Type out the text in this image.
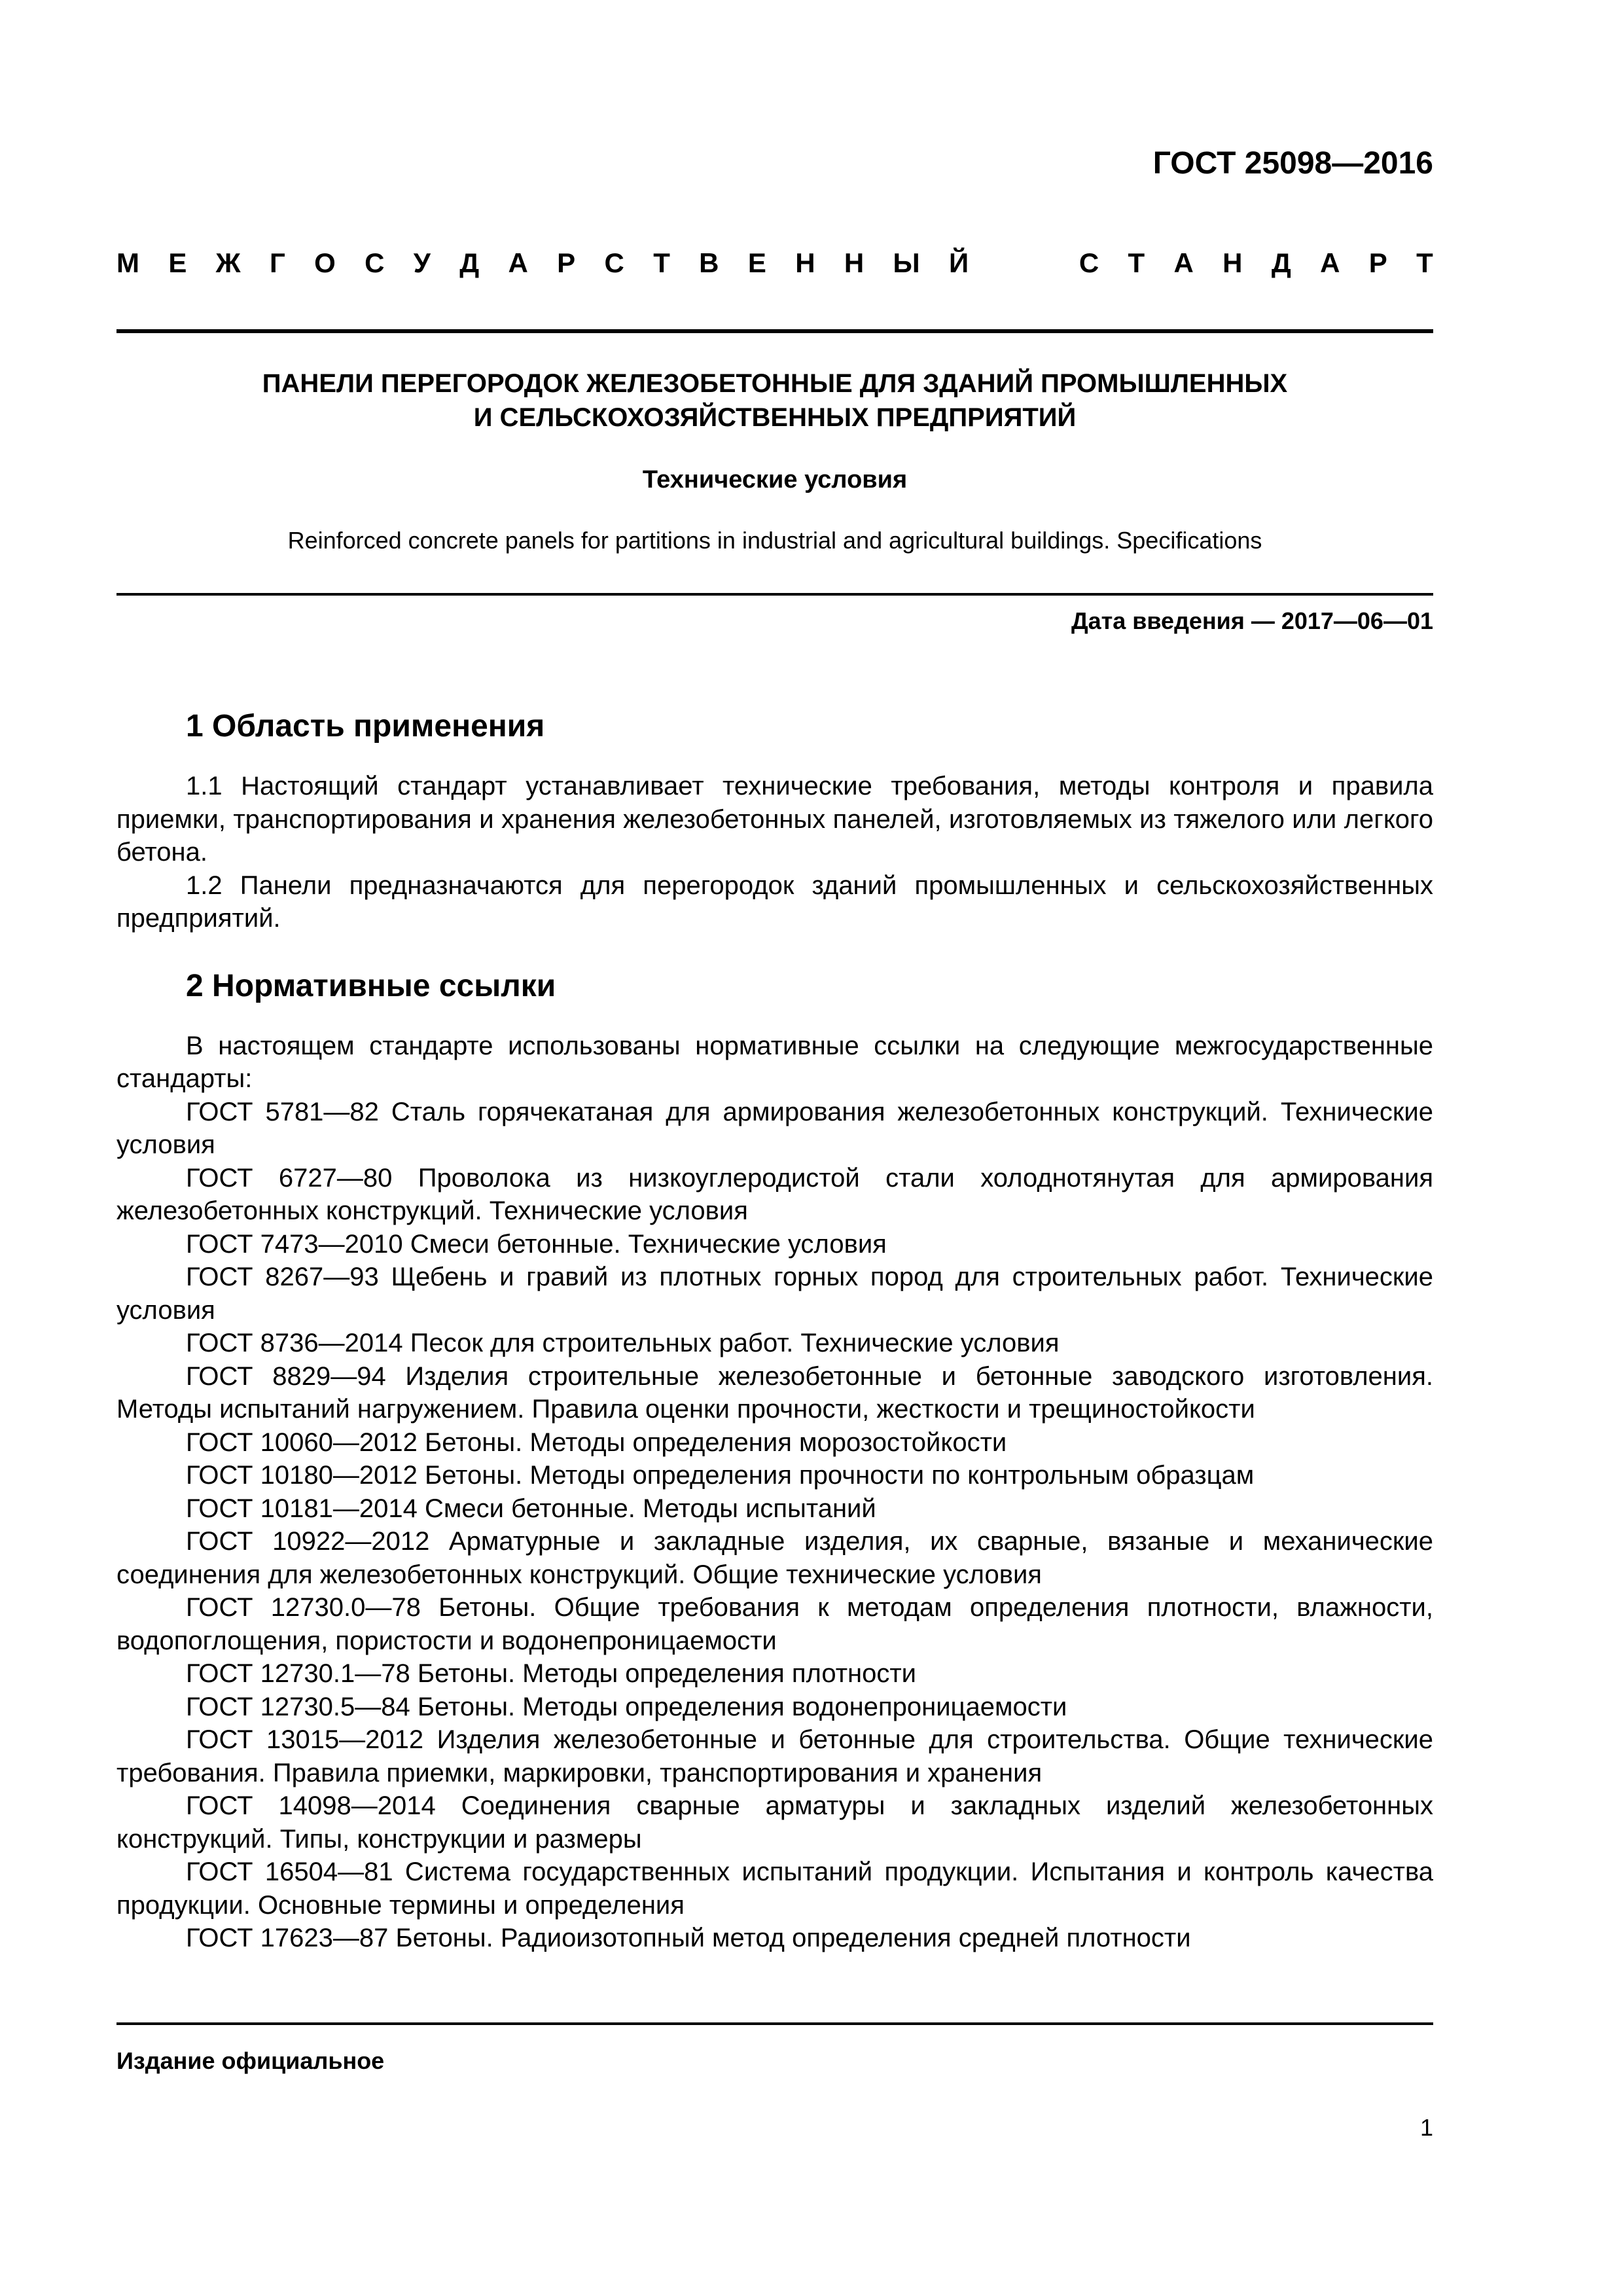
ГОСТ 25098—2016
М Е Ж Г О С У Д А Р С Т В Е Н Н Ы Й	С Т А Н Д А Р Т
ПАНЕЛИ ПЕРЕГОРОДОК ЖЕЛЕЗОБЕТОННЫЕ ДЛЯ ЗДАНИЙ ПРОМЫШЛЕННЫХ
И СЕЛЬСКОХОЗЯЙСТВЕННЫХ ПРЕДПРИЯТИЙ
Технические условия
Reinforced concrete panels for partitions in industrial and agricultural buildings. Specifications
Дата введения — 2017—06—01
1 Область применения

1.1 Настоящий стандарт устанавливает технические требования, методы контроля и правила приемки, транспортирования и хранения железобетонных панелей, изготовляемых из тяжелого или легкого бетона.

1.2 Панели предназначаются для перегородок зданий промышленных и сельскохозяйственных предприятий.

2 Нормативные ссылки

В настоящем стандарте использованы нормативные ссылки на следующие межгосударственные стандарты:

ГОСТ 5781—82 Сталь горячекатаная для армирования железобетонных конструкций. Технические условия

ГОСТ 6727—80 Проволока из низкоуглеродистой стали холоднотянутая для армирования железобетонных конструкций. Технические условия

ГОСТ 7473—2010 Смеси бетонные. Технические условия

ГОСТ 8267—93 Щебень и гравий из плотных горных пород для строительных работ. Технические условия

ГОСТ 8736—2014 Песок для строительных работ. Технические условия

ГОСТ 8829—94 Изделия строительные железобетонные и бетонные заводского изготовления. Методы испытаний нагружением. Правила оценки прочности, жесткости и трещиностойкости

ГОСТ 10060—2012 Бетоны. Методы определения морозостойкости

ГОСТ 10180—2012 Бетоны. Методы определения прочности по контрольным образцам

ГОСТ 10181—2014 Смеси бетонные. Методы испытаний

ГОСТ 10922—2012 Арматурные и закладные изделия, их сварные, вязаные и механические соединения для железобетонных конструкций. Общие технические условия

ГОСТ 12730.0—78 Бетоны. Общие требования к методам определения плотности, влажности, водопоглощения, пористости и водонепроницаемости

ГОСТ 12730.1—78 Бетоны. Методы определения плотности

ГОСТ 12730.5—84 Бетоны. Методы определения водонепроницаемости

ГОСТ 13015—2012 Изделия железобетонные и бетонные для строительства. Общие технические требования. Правила приемки, маркировки, транспортирования и хранения

ГОСТ 14098—2014 Соединения сварные арматуры и закладных изделий железобетонных конструкций. Типы, конструкции и размеры

ГОСТ 16504—81 Система государственных испытаний продукции. Испытания и контроль качества продукции. Основные термины и определения

ГОСТ 17623—87 Бетоны. Радиоизотопный метод определения средней плотности

Издание официальное
1
